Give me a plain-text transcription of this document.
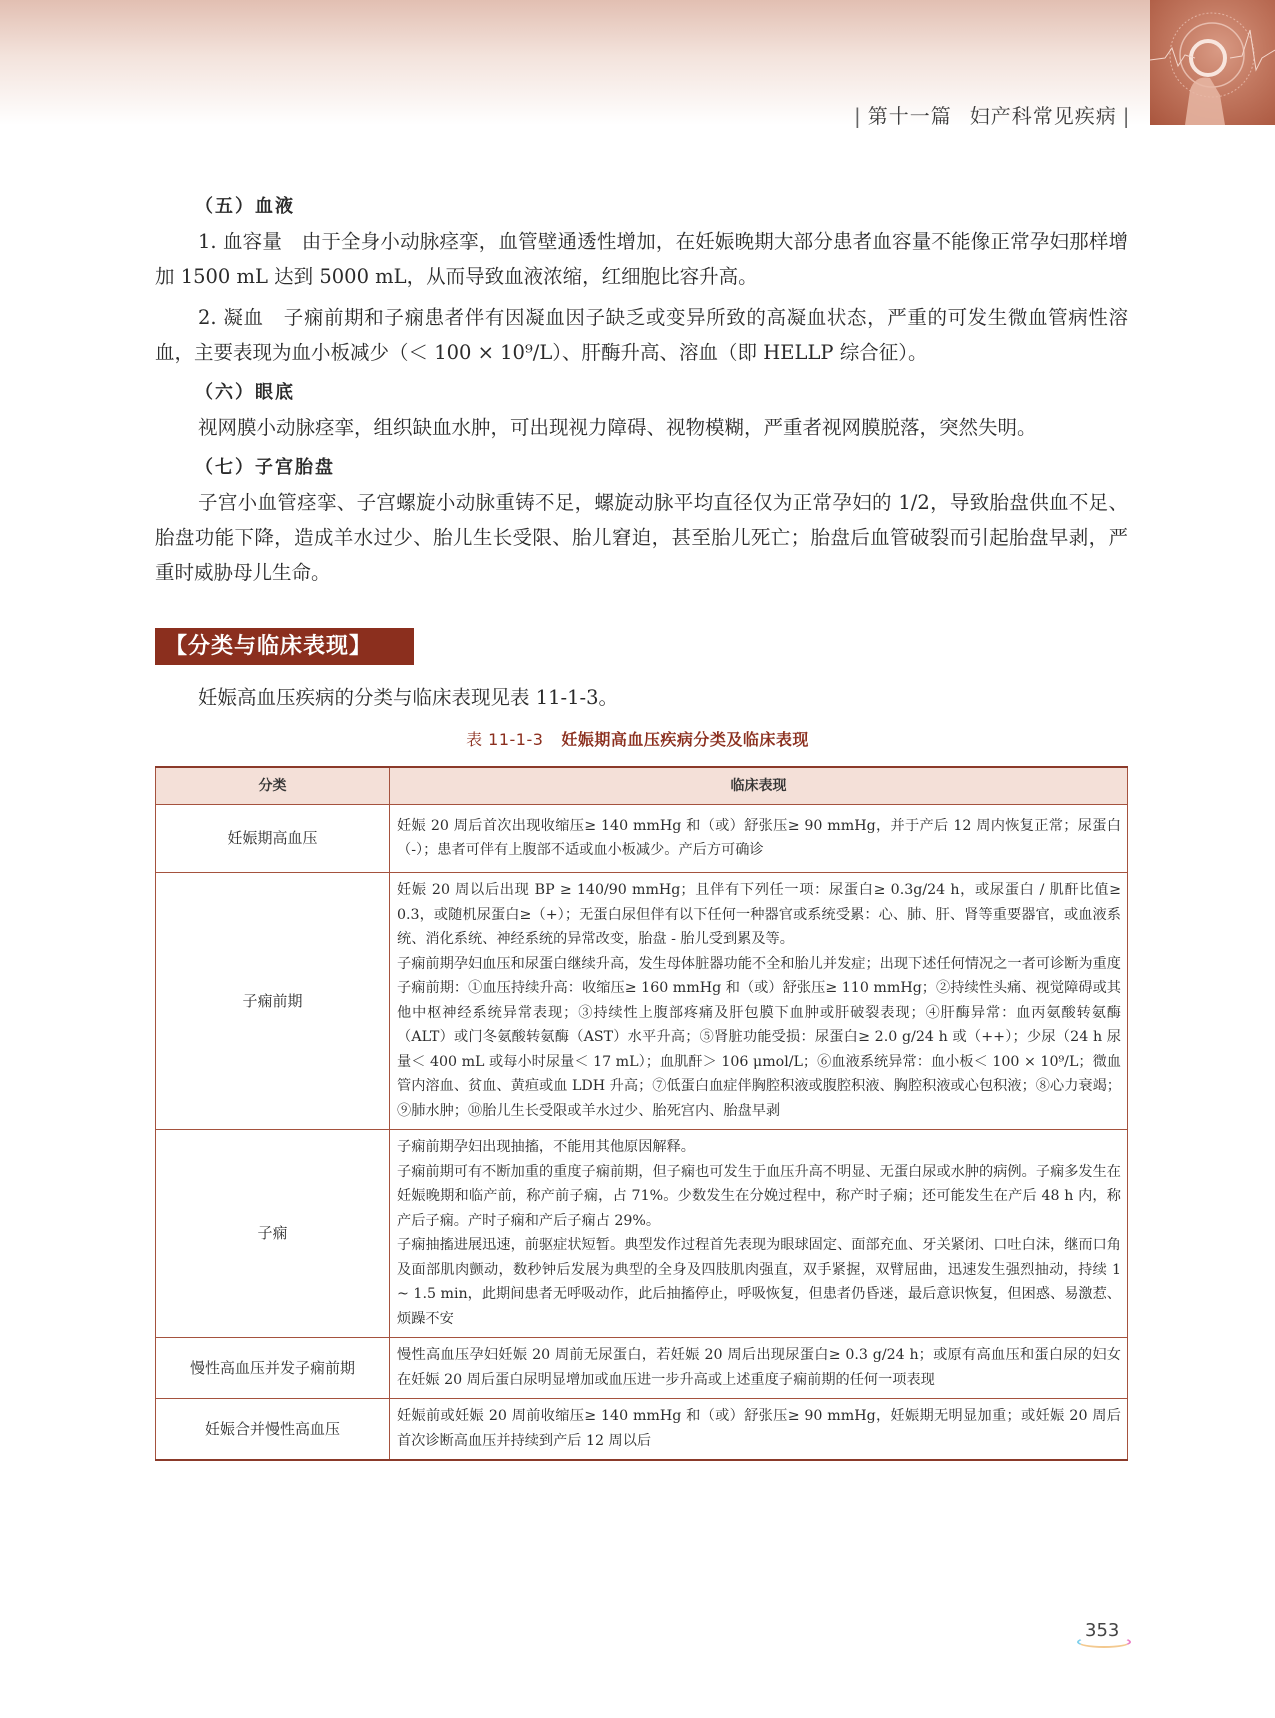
| 第十一篇 妇产科常见疾病 |
（五）血液

1. 血容量　由于全身小动脉痉挛，血管壁通透性增加，在妊娠晚期大部分患者血容量不能像正常孕妇那样增加 1500 mL 达到 5000 mL，从而导致血液浓缩，红细胞比容升高。

2. 凝血　子痫前期和子痫患者伴有因凝血因子缺乏或变异所致的高凝血状态，严重的可发生微血管病性溶血，主要表现为血小板减少（＜ 100 × 10⁹/L）、肝酶升高、溶血（即 HELLP 综合征）。

（六）眼底

视网膜小动脉痉挛，组织缺血水肿，可出现视力障碍、视物模糊，严重者视网膜脱落，突然失明。

（七）子宫胎盘

子宫小血管痉挛、子宫螺旋小动脉重铸不足，螺旋动脉平均直径仅为正常孕妇的 1/2，导致胎盘供血不足、胎盘功能下降，造成羊水过少、胎儿生长受限、胎儿窘迫，甚至胎儿死亡；胎盘后血管破裂而引起胎盘早剥，严重时威胁母儿生命。

【分类与临床表现】
妊娠高血压疾病的分类与临床表现见表 11-1-3。
表 11-1-3 妊娠期高血压疾病分类及临床表现
分类	临床表现
妊娠期高血压	妊娠 20 周后首次出现收缩压≥ 140 mmHg 和（或）舒张压≥ 90 mmHg，并于产后 12 周内恢复正常；尿蛋白（-）；患者可伴有上腹部不适或血小板减少。产后方可确诊

子痫前期	妊娠 20 周以后出现 BP ≥ 140/90 mmHg；且伴有下列任一项：尿蛋白≥ 0.3g/24 h，或尿蛋白 / 肌酐比值≥ 0.3，或随机尿蛋白≥（+）；无蛋白尿但伴有以下任何一种器官或系统受累：心、肺、肝、肾等重要器官，或血液系统、消化系统、神经系统的异常改变，胎盘 - 胎儿受到累及等。

子痫前期孕妇血压和尿蛋白继续升高，发生母体脏器功能不全和胎儿并发症；出现下述任何情况之一者可诊断为重度子痫前期：①血压持续升高：收缩压≥ 160 mmHg 和（或）舒张压≥ 110 mmHg；②持续性头痛、视觉障碍或其他中枢神经系统异常表现；③持续性上腹部疼痛及肝包膜下血肿或肝破裂表现；④肝酶异常：血丙氨酸转氨酶（ALT）或门冬氨酸转氨酶（AST）水平升高；⑤肾脏功能受损：尿蛋白≥ 2.0 g/24 h 或（++）；少尿（24 h 尿量＜ 400 mL 或每小时尿量＜ 17 mL）；血肌酐＞ 106 μmol/L；⑥血液系统异常：血小板＜ 100 × 10⁹/L；微血管内溶血、贫血、黄疸或血 LDH 升高；⑦低蛋白血症伴胸腔积液或腹腔积液、胸腔积液或心包积液；⑧心力衰竭；⑨肺水肿；⑩胎儿生长受限或羊水过少、胎死宫内、胎盘早剥

子痫	子痫前期孕妇出现抽搐，不能用其他原因解释。

子痫前期可有不断加重的重度子痫前期，但子痫也可发生于血压升高不明显、无蛋白尿或水肿的病例。子痫多发生在妊娠晚期和临产前，称产前子痫，占 71%。少数发生在分娩过程中，称产时子痫；还可能发生在产后 48 h 内，称产后子痫。产时子痫和产后子痫占 29%。

子痫抽搐进展迅速，前驱症状短暂。典型发作过程首先表现为眼球固定、面部充血、牙关紧闭、口吐白沫，继而口角及面部肌肉颤动，数秒钟后发展为典型的全身及四肢肌肉强直，双手紧握，双臂屈曲，迅速发生强烈抽动，持续 1 ~ 1.5 min，此期间患者无呼吸动作，此后抽搐停止，呼吸恢复，但患者仍昏迷，最后意识恢复，但困惑、易激惹、烦躁不安

慢性高血压并发子痫前期	慢性高血压孕妇妊娠 20 周前无尿蛋白，若妊娠 20 周后出现尿蛋白≥ 0.3 g/24 h；或原有高血压和蛋白尿的妇女在妊娠 20 周后蛋白尿明显增加或血压进一步升高或上述重度子痫前期的任何一项表现

妊娠合并慢性高血压	妊娠前或妊娠 20 周前收缩压≥ 140 mmHg 和（或）舒张压≥ 90 mmHg，妊娠期无明显加重；或妊娠 20 周后首次诊断高血压并持续到产后 12 周以后

353
